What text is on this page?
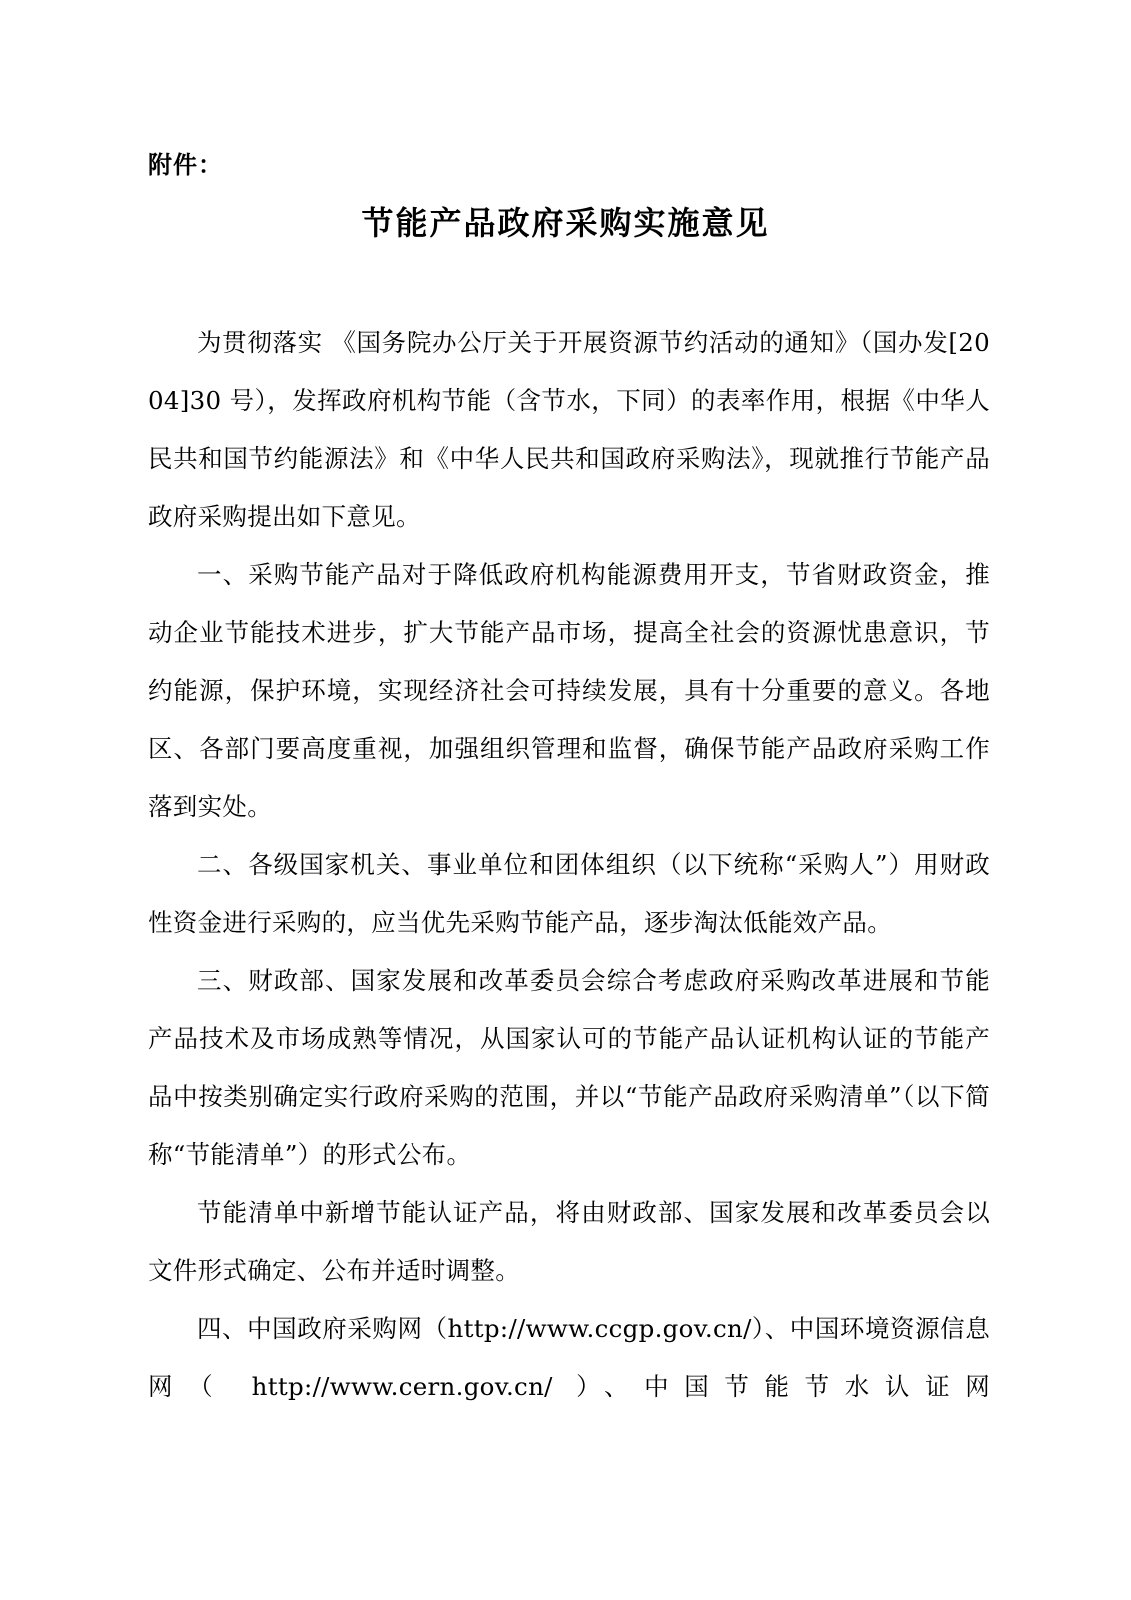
附件：
节能产品政府采购实施意见

为贯彻落实 《国务院办公厅关于开展资源节约活动的通知》（国办发[2004]30 号），发挥政府机构节能（含节水，下同）的表率作用，根据《中华人民共和国节约能源法》和《中华人民共和国政府采购法》，现就推行节能产品政府采购提出如下意见。

一、采购节能产品对于降低政府机构能源费用开支，节省财政资金，推动企业节能技术进步，扩大节能产品市场，提高全社会的资源忧患意识，节约能源，保护环境，实现经济社会可持续发展，具有十分重要的意义。各地区、各部门要高度重视，加强组织管理和监督，确保节能产品政府采购工作落到实处。

二、各级国家机关、事业单位和团体组织（以下统称“采购人”）用财政性资金进行采购的，应当优先采购节能产品，逐步淘汰低能效产品。

三、财政部、国家发展和改革委员会综合考虑政府采购改革进展和节能产品技术及市场成熟等情况，从国家认可的节能产品认证机构认证的节能产品中按类别确定实行政府采购的范围，并以“节能产品政府采购清单”（以下简称“节能清单”）的形式公布。

节能清单中新增节能认证产品，将由财政部、国家发展和改革委员会以文件形式确定、公布并适时调整。

四、中国政府采购网（http://www.ccgp.gov.cn/）、中国环境资源信息网（ http://www.cern.gov.cn/ ）、中国节能节水认证网
